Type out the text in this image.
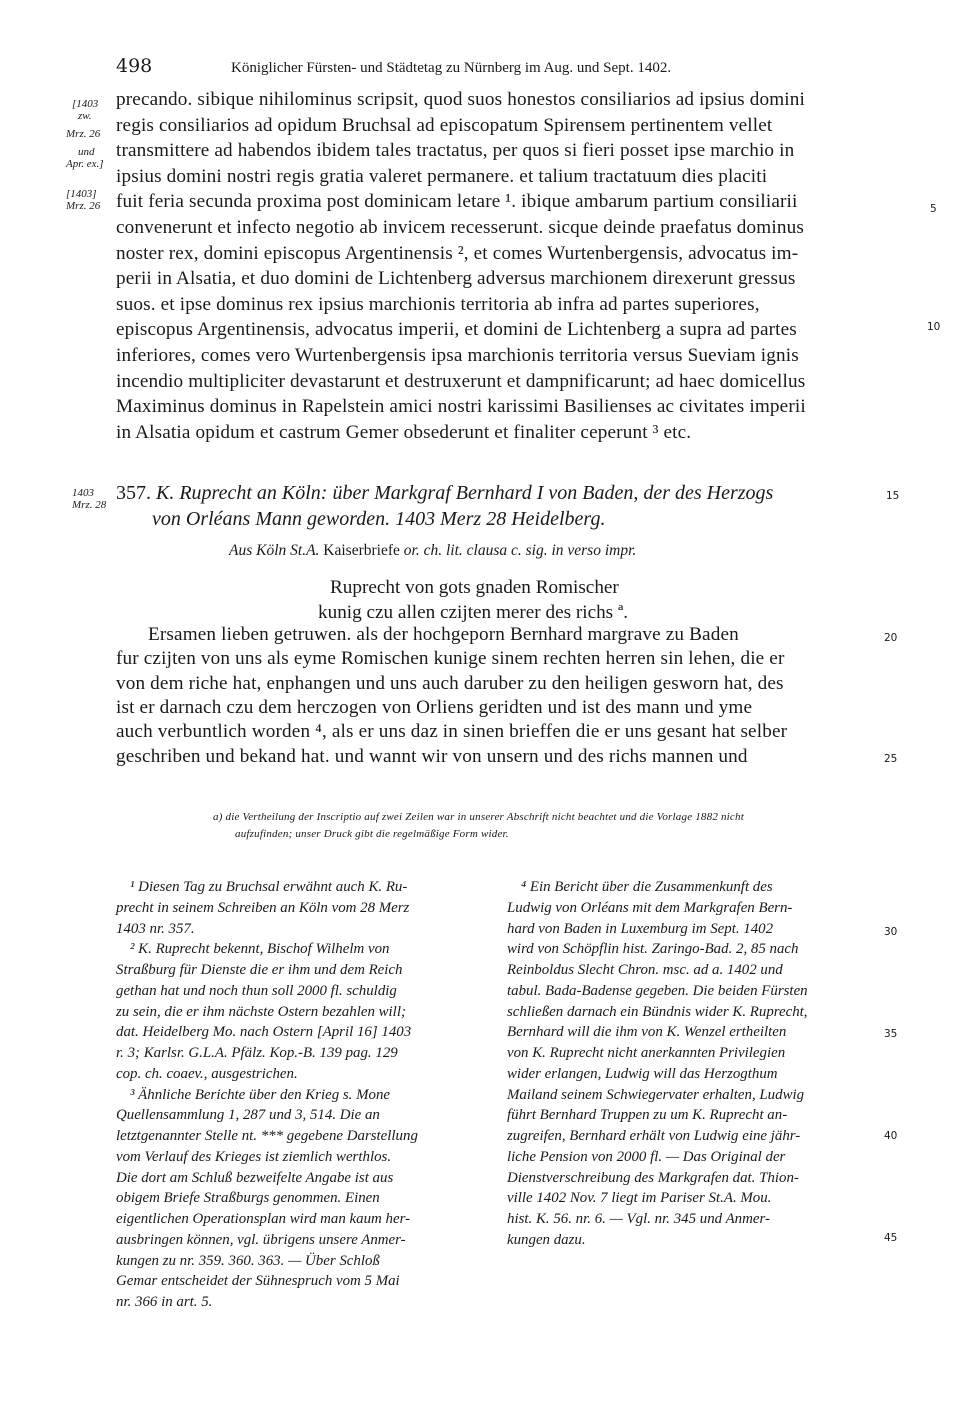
498	Königlicher Fürsten- und Städtetag zu Nürnberg im Aug. und Sept. 1402.
[1403
zw.
Mrz. 26
und
Apr. ex.]
[1403]
Mrz. 26
precando. sibique nihilominus scripsit, quod suos honestos consiliarios ad ipsius domini
regis consiliarios ad opidum Bruchsal ad episcopatum Spirensem pertinentem vellet
transmittere ad habendos ibidem tales tractatus, per quos si fieri posset ipse marchio in
ipsius domini nostri regis gratia valeret permanere. et talium tractatuum dies placiti
fuit feria secunda proxima post dominicam letare ¹. ibique ambarum partium consiliarii
convenerunt et infecto negotio ab invicem recesserunt. sicque deinde praefatus dominus
noster rex, domini episcopus Argentinensis ², et comes Wurtenbergensis, advocatus im-
perii in Alsatia, et duo domini de Lichtenberg adversus marchionem direxerunt gressus
suos. et ipse dominus rex ipsius marchionis territoria ab infra ad partes superiores,
episcopus Argentinensis, advocatus imperii, et domini de Lichtenberg a supra ad partes
inferiores, comes vero Wurtenbergensis ipsa marchionis territoria versus Sueviam ignis
incendio multipliciter devastarunt et destruxerunt et dampnificarunt; ad haec domicellus
Maximinus dominus in Rapelstein amici nostri karissimi Basilienses ac civitates imperii
in Alsatia opidum et castrum Gemer obsederunt et finaliter ceperunt ³ etc.
5
10
1403
Mrz. 28
357. K. Ruprecht an Köln: über Markgraf Bernhard I von Baden, der des Herzogs
von Orléans Mann geworden. 1403 Merz 28 Heidelberg.
15
Aus Köln St.A. Kaiserbriefe or. ch. lit. clausa c. sig. in verso impr.
Ruprecht von gots gnaden Romischer
kunig czu allen czijten merer des richs ª.
Ersamen lieben getruwen. als der hochgeporn Bernhard margrave zu Baden
fur czijten von uns als eyme Romischen kunige sinem rechten herren sin lehen, die er
von dem riche hat, enphangen und uns auch daruber zu den heiligen gesworn hat, des
ist er darnach czu dem herczogen von Orliens geridten und ist des mann und yme
auch verbuntlich worden ⁴, als er uns daz in sinen brieffen die er uns gesant hat selber
geschriben und bekand hat. und wannt wir von unsern und des richs mannen und
20
25
a) die Vertheilung der Inscriptio auf zwei Zeilen war in unserer Abschrift nicht beachtet und die Vorlage 1882 nicht
aufzufinden; unser Druck gibt die regelmäßige Form wider.
¹ Diesen Tag zu Bruchsal erwähnt auch K. Ru-
precht in seinem Schreiben an Köln vom 28 Merz
1403 nr. 357.
² K. Ruprecht bekennt, Bischof Wilhelm von
Straßburg für Dienste die er ihm und dem Reich
gethan hat und noch thun soll 2000 fl. schuldig
zu sein, die er ihm nächste Ostern bezahlen will;
dat. Heidelberg Mo. nach Ostern [April 16] 1403
r. 3; Karlsr. G.L.A. Pfälz. Kop.-B. 139 pag. 129
cop. ch. coaev., ausgestrichen.
³ Ähnliche Berichte über den Krieg s. Mone
Quellensammlung 1, 287 und 3, 514. Die an
letztgenannter Stelle nt. *** gegebene Darstellung
vom Verlauf des Krieges ist ziemlich werthlos.
Die dort am Schluß bezweifelte Angabe ist aus
obigem Briefe Straßburgs genommen. Einen
eigentlichen Operationsplan wird man kaum her-
ausbringen können, vgl. übrigens unsere Anmer-
kungen zu nr. 359. 360. 363. — Über Schloß
Gemar entscheidet der Sühnespruch vom 5 Mai
nr. 366 in art. 5.
⁴ Ein Bericht über die Zusammenkunft des
Ludwig von Orléans mit dem Markgrafen Bern-
hard von Baden in Luxemburg im Sept. 1402
wird von Schöpflin hist. Zaringo-Bad. 2, 85 nach
Reinboldus Slecht Chron. msc. ad a. 1402 und
tabul. Bada-Badense gegeben. Die beiden Fürsten
schließen darnach ein Bündnis wider K. Ruprecht,
Bernhard will die ihm von K. Wenzel ertheilten
von K. Ruprecht nicht anerkannten Privilegien
wider erlangen, Ludwig will das Herzogthum
Mailand seinem Schwiegervater erhalten, Ludwig
führt Bernhard Truppen zu um K. Ruprecht an-
zugreifen, Bernhard erhält von Ludwig eine jähr-
liche Pension von 2000 fl. — Das Original der
Dienstverschreibung des Markgrafen dat. Thion-
ville 1402 Nov. 7 liegt im Pariser St.A. Mou.
hist. K. 56. nr. 6. — Vgl. nr. 345 und Anmer-
kungen dazu.
30
35
40
45
